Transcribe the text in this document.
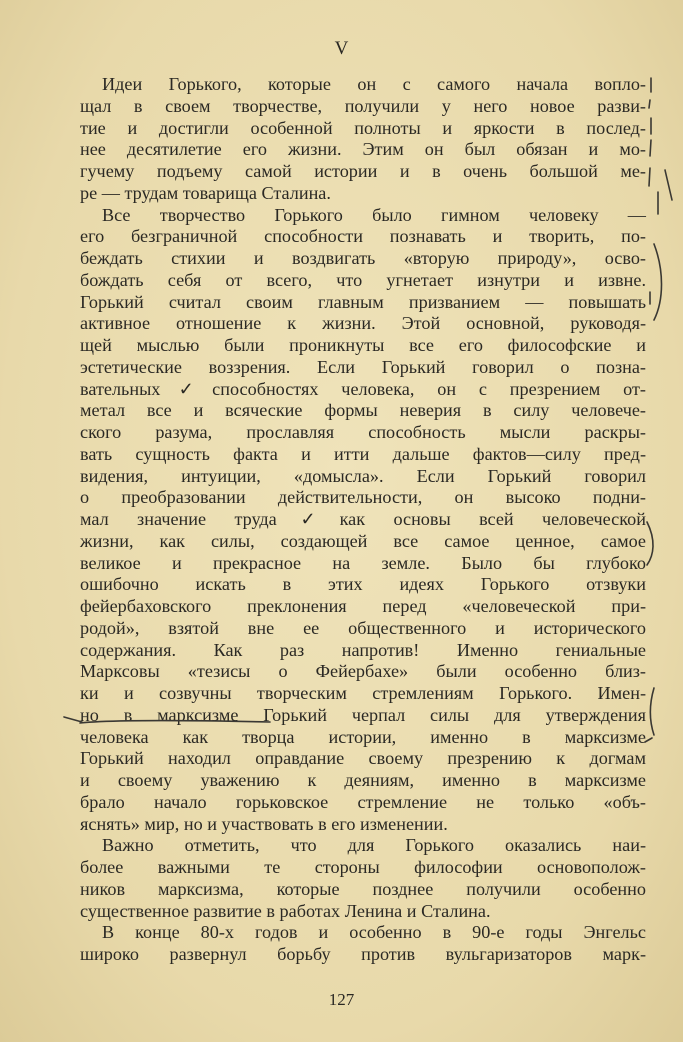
V
Идеи Горького, которые он с самого начала вопло-
щал в своем творчестве, получили у него новое разви-
тие и достигли особенной полноты и яркости в послед-
нее десятилетие его жизни. Этим он был обязан и мо-
гучему подъему самой истории и в очень большой ме-
ре — трудам товарища Сталина.
Все творчество Горького было гимном человеку —
его безграничной способности познавать и творить, по-
беждать стихии и воздвигать «вторую природу», осво-
бождать себя от всего, что угнетает изнутри и извне.
Горький считал своим главным призванием — повышать
активное отношение к жизни. Этой основной, руководя-
щей мыслью были проникнуты все его философские и
эстетические воззрения. Если Горький говорил о позна-
вательных✓способностях человека, он с презрением от-
метал все и всяческие формы неверия в силу человече-
ского разума, прославляя способность мысли раскры-
вать сущность факта и итти дальше фактов—силу пред-
видения, интуиции, «домысла». Если Горький говорил
о преобразовании действительности, он высоко подни-
мал значение труда✓как основы всей человеческой
жизни, как силы, создающей все самое ценное, самое
великое и прекрасное на земле. Было бы глубоко
ошибочно искать в этих идеях Горького отзвуки
фейербаховского преклонения перед «человеческой при-
родой», взятой вне ее общественного и исторического
содержания. Как раз напротив! Именно гениальные
Марксовы «тезисы о Фейербахе» были особенно близ-
ки и созвучны творческим стремлениям Горького. Имен-
но в марксизме Горький черпал силы для утверждения
человека как творца истории, именно в марксизме
Горький находил оправдание своему презрению к догмам
и своему уважению к деяниям, именно в марксизме
брало начало горьковское стремление не только «объ-
яснять» мир, но и участвовать в его изменении.
Важно отметить, что для Горького оказались наи-
более важными те стороны философии основополож-
ников марксизма, которые позднее получили особенно
существенное развитие в работах Ленина и Сталина.
В конце 80-х годов и особенно в 90-е годы Энгельс
широко развернул борьбу против вульгаризаторов марк-
127
